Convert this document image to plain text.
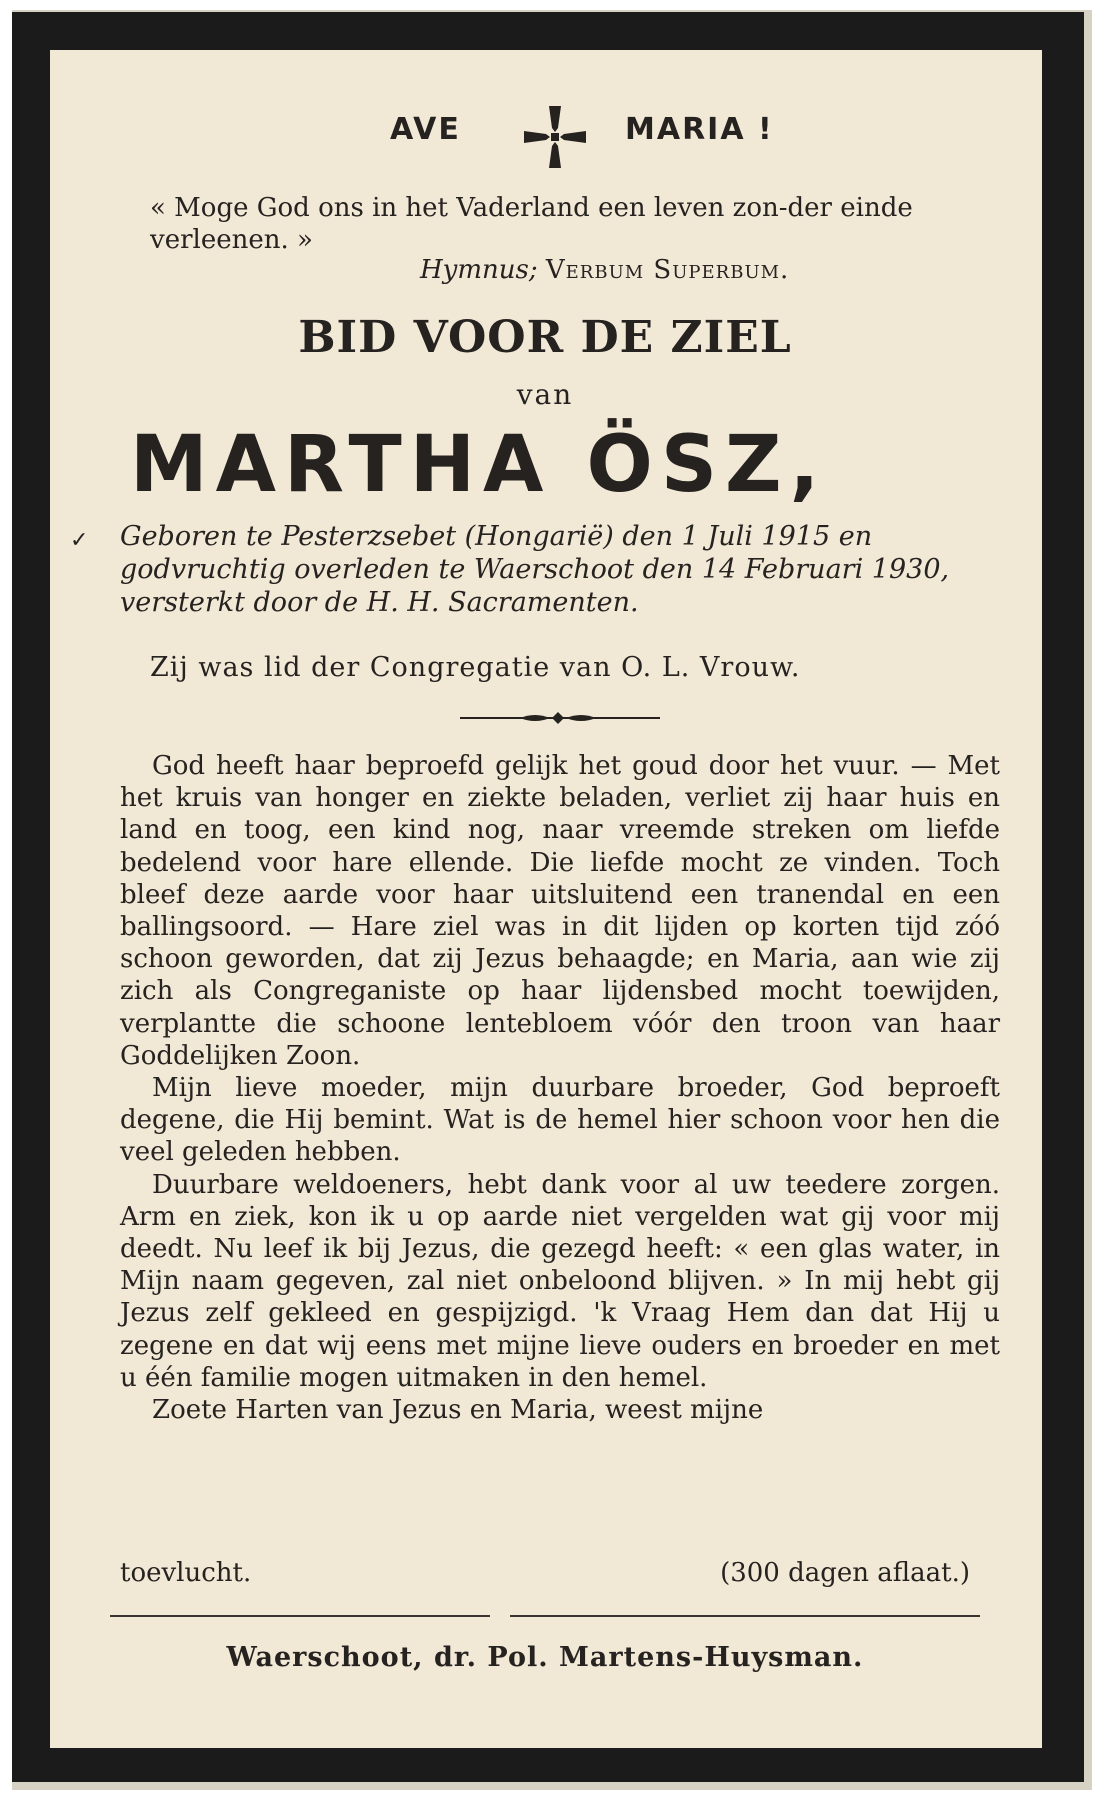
AVE	MARIA !
« Moge God ons in het Vaderland een leven zon-der einde verleenen. »
Hymnus; Verbum Superbum.
BID VOOR DE ZIEL
van
MARTHA ÖSZ,
✓ Geboren te Pesterzsebet (Hongarië) den 1 Juli 1915 en godvruchtig overleden te Waerschoot den 14 Februari 1930, versterkt door de H. H. Sacramenten.
Zij was lid der Congregatie van O. L. Vrouw.

God heeft haar beproefd gelijk het goud door het vuur. — Met het kruis van honger en ziekte beladen, verliet zij haar huis en land en toog, een kind nog, naar vreemde streken om liefde bedelend voor hare ellende. Die liefde mocht ze vinden. Toch bleef deze aarde voor haar uitsluitend een tranendal en een ballingsoord. — Hare ziel was in dit lijden op korten tijd zóó schoon geworden, dat zij Jezus behaagde; en Maria, aan wie zij zich als Congreganiste op haar lijdensbed mocht toewijden, verplantte die schoone lentebloem vóór den troon van haar Goddelijken Zoon.

Mijn lieve moeder, mijn duurbare broeder, God beproeft degene, die Hij bemint. Wat is de hemel hier schoon voor hen die veel geleden hebben.

Duurbare weldoeners, hebt dank voor al uw teedere zorgen. Arm en ziek, kon ik u op aarde niet vergelden wat gij voor mij deedt. Nu leef ik bij Jezus, die gezegd heeft: « een glas water, in Mijn naam gegeven, zal niet onbeloond blijven. » In mij hebt gij Jezus zelf gekleed en gespijzigd. 'k Vraag Hem dan dat Hij u zegene en dat wij eens met mijne lieve ouders en broeder en met u één familie mogen uitmaken in den hemel.

Zoete Harten van Jezus en Maria, weest mijne

toevlucht.	(300 dagen aflaat.)
Waerschoot, dr. Pol. Martens-Huysman.
